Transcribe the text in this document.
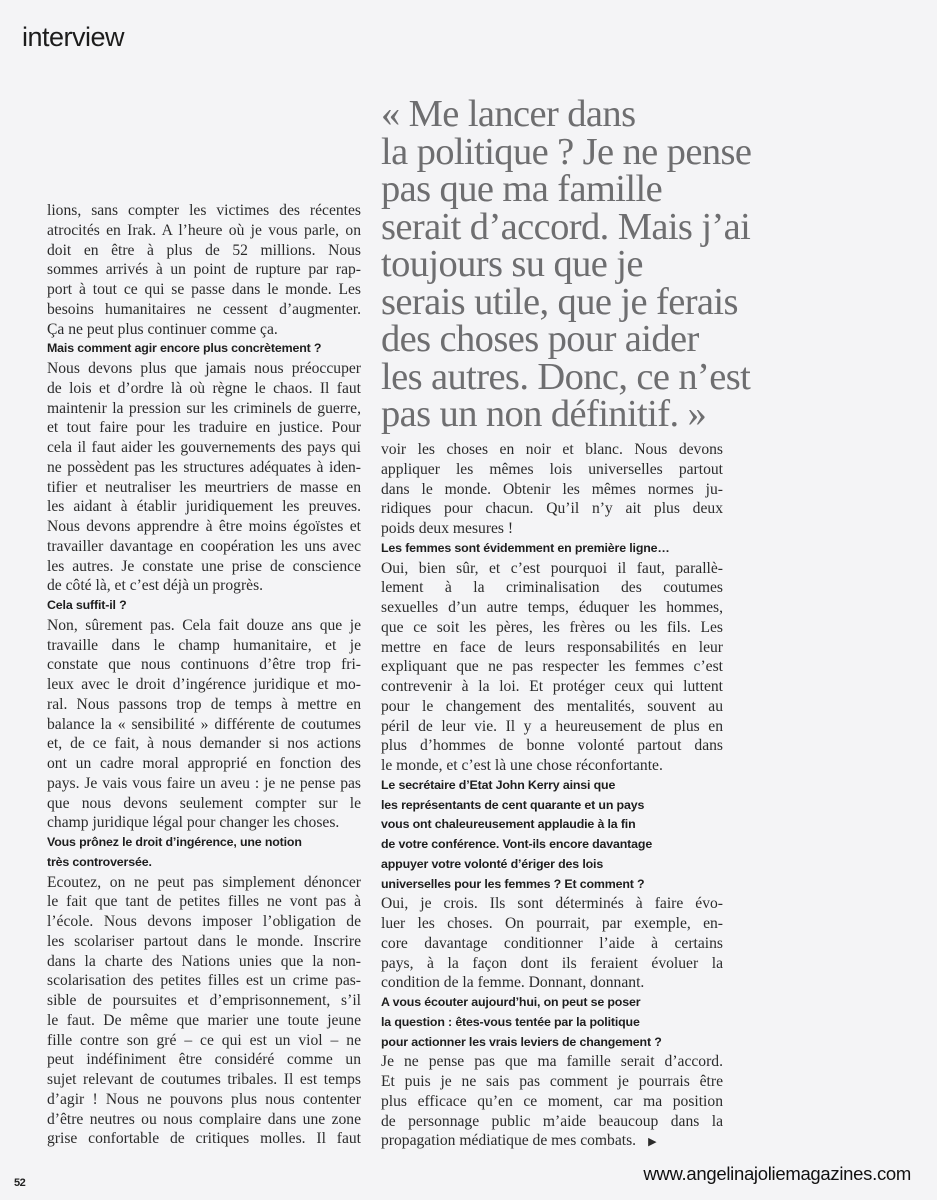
interview
« Me lancer dans
la politique ? Je ne pense
pas que ma famille
serait d’accord. Mais j’ai
toujours su que je
serais utile, que je ferais
des choses pour aider
les autres. Donc, ce n’est
pas un non définitif. »
lions, sans compter les victimes des récentes
atrocités en Irak. A l’heure où je vous parle, on
doit en être à plus de 52 millions. Nous
sommes arrivés à un point de rupture par rap-
port à tout ce qui se passe dans le monde. Les
besoins humanitaires ne cessent d’augmenter.
Ça ne peut plus continuer comme ça.
Mais comment agir encore plus concrètement ?
Nous devons plus que jamais nous préoccuper
de lois et d’ordre là où règne le chaos. Il faut
maintenir la pression sur les criminels de guerre,
et tout faire pour les traduire en justice. Pour
cela il faut aider les gouvernements des pays qui
ne possèdent pas les structures adéquates à iden-
tifier et neutraliser les meurtriers de masse en
les aidant à établir juridiquement les preuves.
Nous devons apprendre à être moins égoïstes et
travailler davantage en coopération les uns avec
les autres. Je constate une prise de conscience
de côté là, et c’est déjà un progrès.
Cela suffit-il ?
Non, sûrement pas. Cela fait douze ans que je
travaille dans le champ humanitaire, et je
constate que nous continuons d’être trop fri-
leux avec le droit d’ingérence juridique et mo-
ral. Nous passons trop de temps à mettre en
balance la « sensibilité » différente de coutumes
et, de ce fait, à nous demander si nos actions
ont un cadre moral approprié en fonction des
pays. Je vais vous faire un aveu : je ne pense pas
que nous devons seulement compter sur le
champ juridique légal pour changer les choses.
Vous prônez le droit d’ingérence, une notion
très controversée.
Ecoutez, on ne peut pas simplement dénoncer
le fait que tant de petites filles ne vont pas à
l’école. Nous devons imposer l’obligation de
les scolariser partout dans le monde. Inscrire
dans la charte des Nations unies que la non-
scolarisation des petites filles est un crime pas-
sible de poursuites et d’emprisonnement, s’il
le faut. De même que marier une toute jeune
fille contre son gré – ce qui est un viol – ne
peut indéfiniment être considéré comme un
sujet relevant de coutumes tribales. Il est temps
d’agir ! Nous ne pouvons plus nous contenter
d’être neutres ou nous complaire dans une zone
grise confortable de critiques molles. Il faut
voir les choses en noir et blanc. Nous devons
appliquer les mêmes lois universelles partout
dans le monde. Obtenir les mêmes normes ju-
ridiques pour chacun. Qu’il n’y ait plus deux
poids deux mesures !
Les femmes sont évidemment en première ligne…
Oui, bien sûr, et c’est pourquoi il faut, parallè-
lement à la criminalisation des coutumes
sexuelles d’un autre temps, éduquer les hommes,
que ce soit les pères, les frères ou les fils. Les
mettre en face de leurs responsabilités en leur
expliquant que ne pas respecter les femmes c’est
contrevenir à la loi. Et protéger ceux qui luttent
pour le changement des mentalités, souvent au
péril de leur vie. Il y a heureusement de plus en
plus d’hommes de bonne volonté partout dans
le monde, et c’est là une chose réconfortante.
Le secrétaire d’Etat John Kerry ainsi que
les représentants de cent quarante et un pays
vous ont chaleureusement applaudie à la fin
de votre conférence. Vont-ils encore davantage
appuyer votre volonté d’ériger des lois
universelles pour les femmes ? Et comment ?
Oui, je crois. Ils sont déterminés à faire évo-
luer les choses. On pourrait, par exemple, en-
core davantage conditionner l’aide à certains
pays, à la façon dont ils feraient évoluer la
condition de la femme. Donnant, donnant.
A vous écouter aujourd’hui, on peut se poser
la question : êtes-vous tentée par la politique
pour actionner les vrais leviers de changement ?
Je ne pense pas que ma famille serait d’accord.
Et puis je ne sais pas comment je pourrais être
plus efficace qu’en ce moment, car ma position
de personnage public m’aide beaucoup dans la
propagation médiatique de mes combats. ▶
52	www.angelinajoliemagazines.com
